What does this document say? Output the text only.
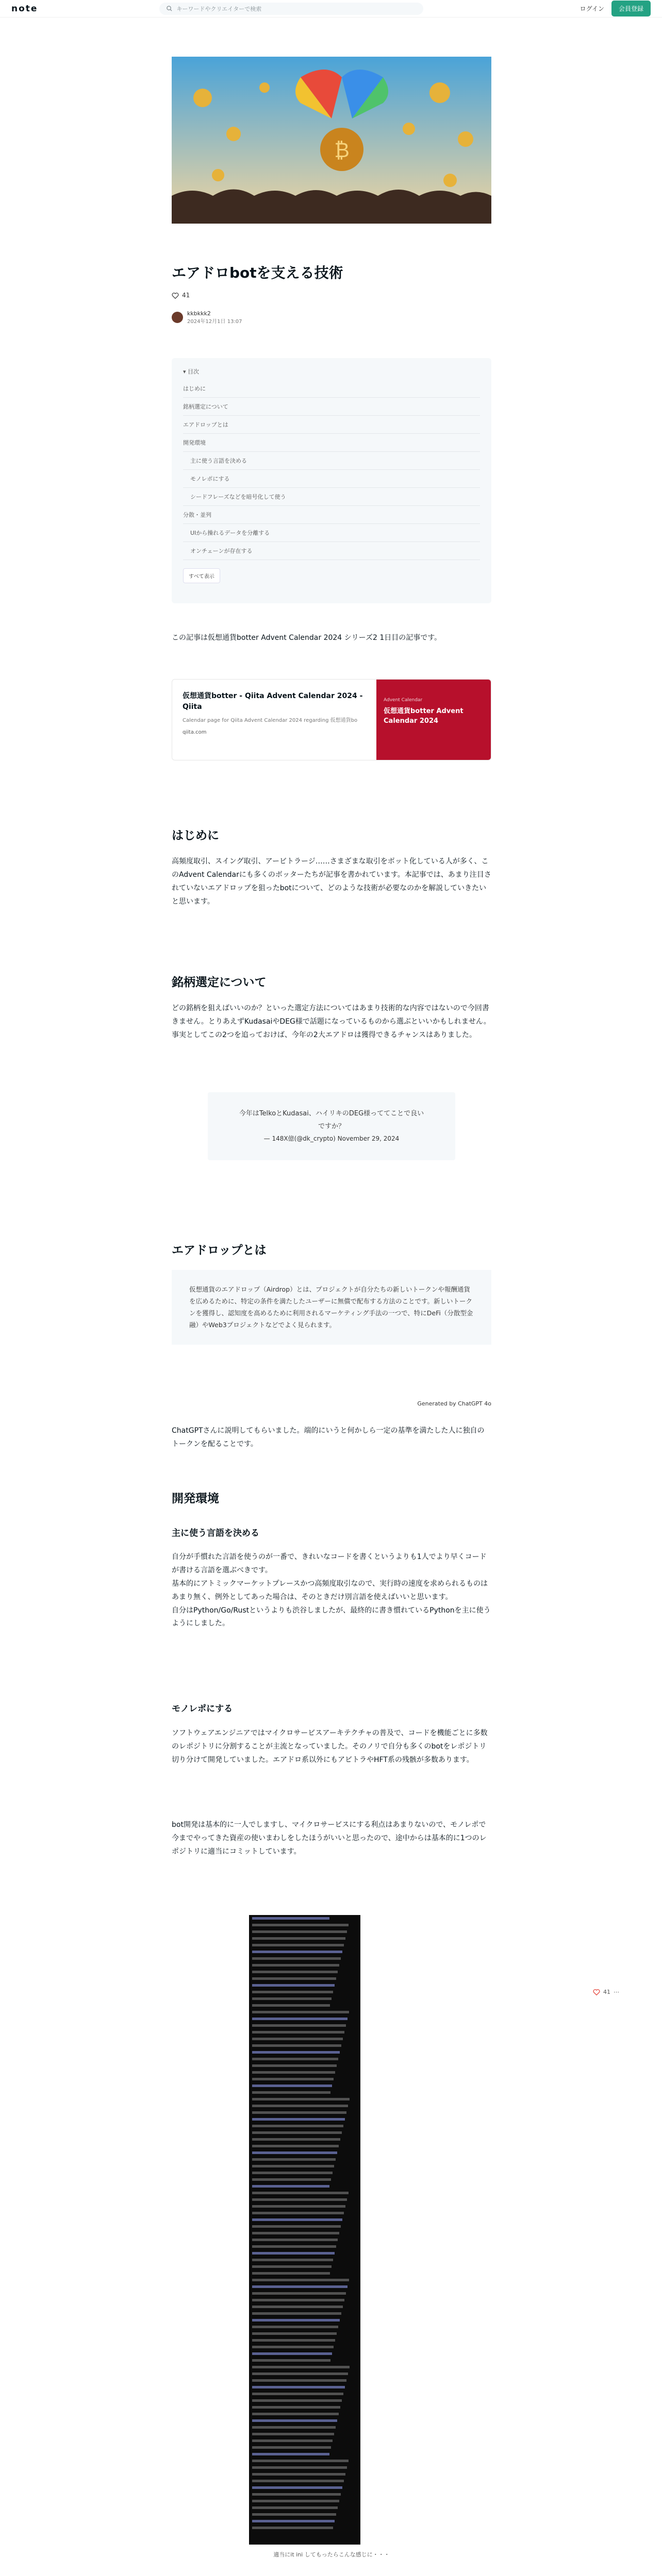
note	キーワードやクリエイターで検索	ログイン	会員登録
₿
エアドロbotを支える技術
41
kkbkkk2
2024年12月1日 13:07
▾ 目次
はじめに
銘柄選定について
エアドロップとは
開発環境
主に使う言語を決める
モノレポにする
シードフレーズなどを暗号化して使う
分散・並列
UIから操れるデータを分離する
オンチェーンが存在する
すべて表示
この記事は仮想通貨botter Advent Calendar 2024 シリーズ2 1日目の記事です。
仮想通貨botter - Qiita Advent Calendar 2024 - Qiita
Calendar page for Qiita Advent Calendar 2024 regarding 仮想通貨bo
qiita.com
Advent Calendar
仮想通貨botter Advent Calendar 2024
はじめに
高頻度取引、スイング取引、アービトラージ……さまざまな取引をボット化している人が多く、このAdvent Calendarにも多くのボッターたちが記事を書かれています。本記事では、あまり注目されていないエアドロップを狙ったbotについて、どのような技術が必要なのかを解説していきたいと思います。
銘柄選定について
どの銘柄を狙えばいいのか？といった選定方法についてはあまり技術的な内容ではないので今回書きません。とりあえずKudasaiやDEG様で話題になっているものから選ぶといいかもしれません。事実としてこの2つを追っておけば、今年の2大エアドロは獲得できるチャンスはありました。
今年はTelkoとKudasai、ハイリキのDEG様っててことで良いですか？
— 148X億(@dk_crypto) November 29, 2024
エアドロップとは
仮想通貨のエアドロップ（Airdrop）とは、プロジェクトが自分たちの新しいトークンや報酬通貨を広めるために、特定の条件を満たしたユーザーに無償で配布する方法のことです。新しいトークンを獲得し、認知度を高めるために利用されるマーケティング手法の一つで、特にDeFi（分散型金融）やWeb3プロジェクトなどでよく見られます。
Generated by ChatGPT 4o
ChatGPTさんに説明してもらいました。端的にいうと何かしら一定の基準を満たした人に独自のトークンを配ることです。
開発環境
主に使う言語を決める
自分が手慣れた言語を使うのが一番で、きれいなコードを書くというよりも1人でより早くコードが書ける言語を選ぶべきです。
基本的にアトミックマーケットプレースかつ高頻度取引なので、実行時の速度を求められるものはあまり無く、例外としてあった場合は、そのときだけ別言語を使えばいいと思います。
自分はPython/Go/Rustというよりも渋谷しましたが、最終的に書き慣れているPythonを主に使うようにしました。
モノレポにする
ソフトウェアエンジニアではマイクロサービスアーキテクチャの普及で、コードを機能ごとに多数のレポジトリに分割することが主流となっていました。そのノリで自分も多くのbotをレポジトリ切り分けて開発していました。エアドロ系以外にもアビトラやHFT系の残骸が多数あります。
bot開発は基本的に一人でしますし、マイクロサービスにする利点はあまりないので、モノレポで今までやってきた資産の使いまわしをしたほうがいいと思ったので、途中からは基本的に1つのレポジトリに適当にコミットしています。
適当にit ini してもったらこんな感じに・・・
41 ⋯
